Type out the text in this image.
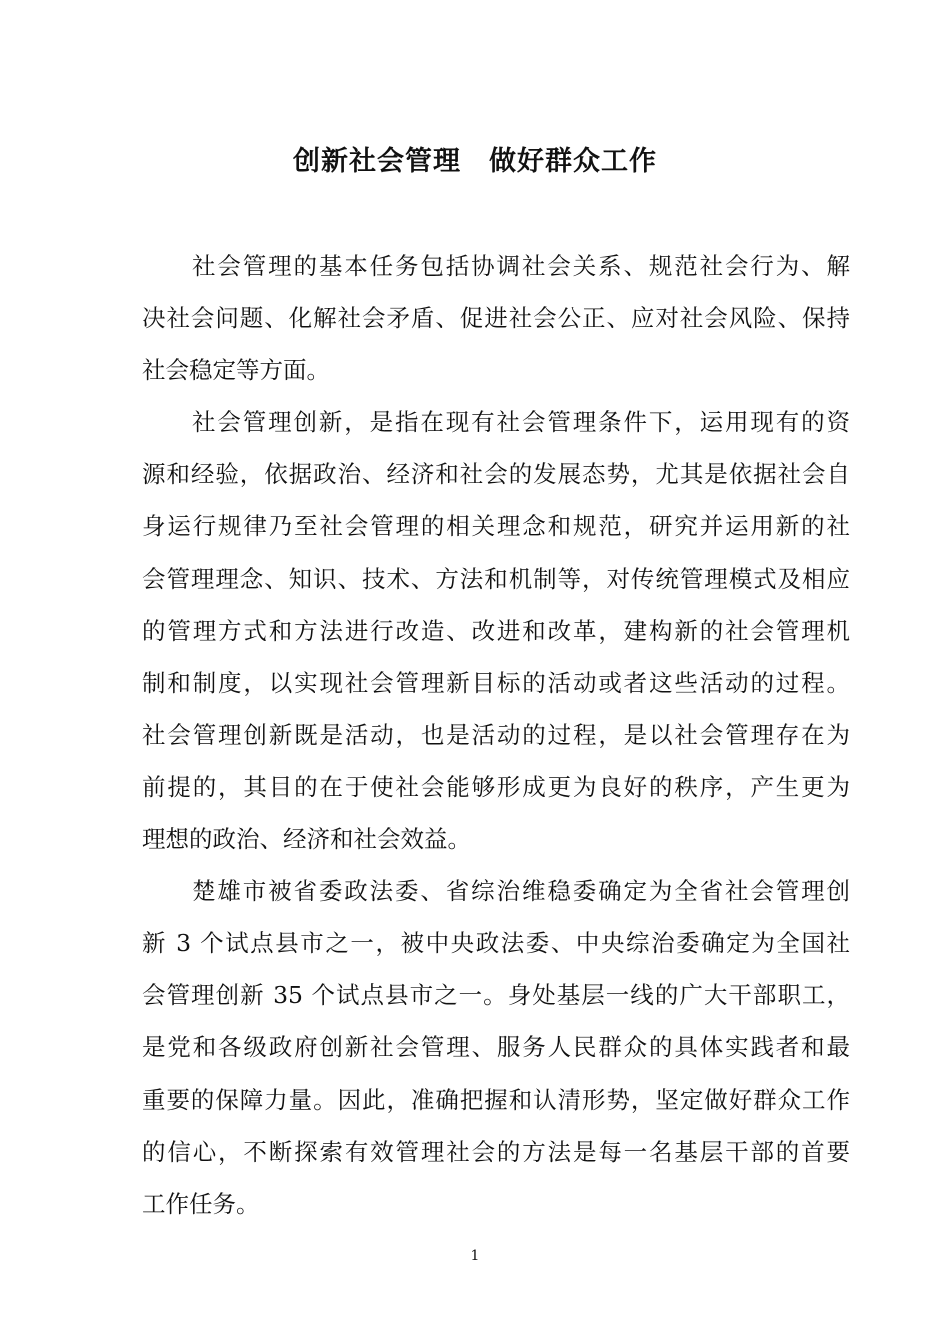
创新社会管理　做好群众工作
社会管理的基本任务包括协调社会关系、规范社会行为、解
决社会问题、化解社会矛盾、促进社会公正、应对社会风险、保持
社会稳定等方面。
社会管理创新，是指在现有社会管理条件下，运用现有的资
源和经验，依据政治、经济和社会的发展态势，尤其是依据社会自
身运行规律乃至社会管理的相关理念和规范，研究并运用新的社
会管理理念、知识、技术、方法和机制等，对传统管理模式及相应
的管理方式和方法进行改造、改进和改革，建构新的社会管理机
制和制度，以实现社会管理新目标的活动或者这些活动的过程。
社会管理创新既是活动，也是活动的过程，是以社会管理存在为
前提的，其目的在于使社会能够形成更为良好的秩序，产生更为
理想的政治、经济和社会效益。
楚雄市被省委政法委、省综治维稳委确定为全省社会管理创
新 3 个试点县市之一，被中央政法委、中央综治委确定为全国社
会管理创新 35 个试点县市之一。身处基层一线的广大干部职工，
是党和各级政府创新社会管理、服务人民群众的具体实践者和最
重要的保障力量。因此，准确把握和认清形势，坚定做好群众工作
的信心，不断探索有效管理社会的方法是每一名基层干部的首要
工作任务。
1
